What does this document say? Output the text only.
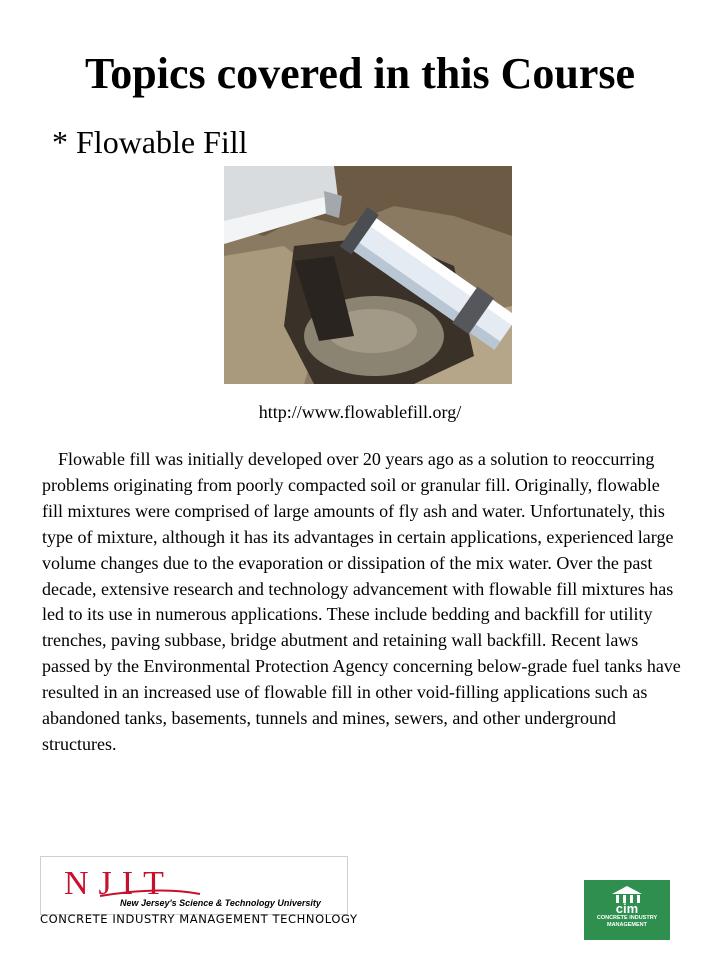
Topics covered in this Course
* Flowable Fill
http://www.flowablefill.org/

Flowable fill was initially developed over 20 years ago as a solution to reoccurring problems originating from poorly compacted soil or granular fill. Originally, flowable fill mixtures were comprised of large amounts of fly ash and water. Unfortunately, this type of mixture, although it has its advantages in certain applications, experienced large volume changes due to the evaporation or dissipation of the mix water. Over the past decade, extensive research and technology advancement with flowable fill mixtures has led to its use in numerous applications. These include bedding and backfill for utility trenches, paving subbase, bridge abutment and retaining wall backfill. Recent laws passed by the Environmental Protection Agency concerning below-grade fuel tanks have resulted in an increased use of flowable fill in other void-filling applications such as abandoned tanks, basements, tunnels and mines, sewers, and other underground structures.

NJIT
New Jersey's Science & Technology University
CONCRETE INDUSTRY MANAGEMENT TECHNOLOGY
cim
CONCRETE INDUSTRY MANAGEMENT
